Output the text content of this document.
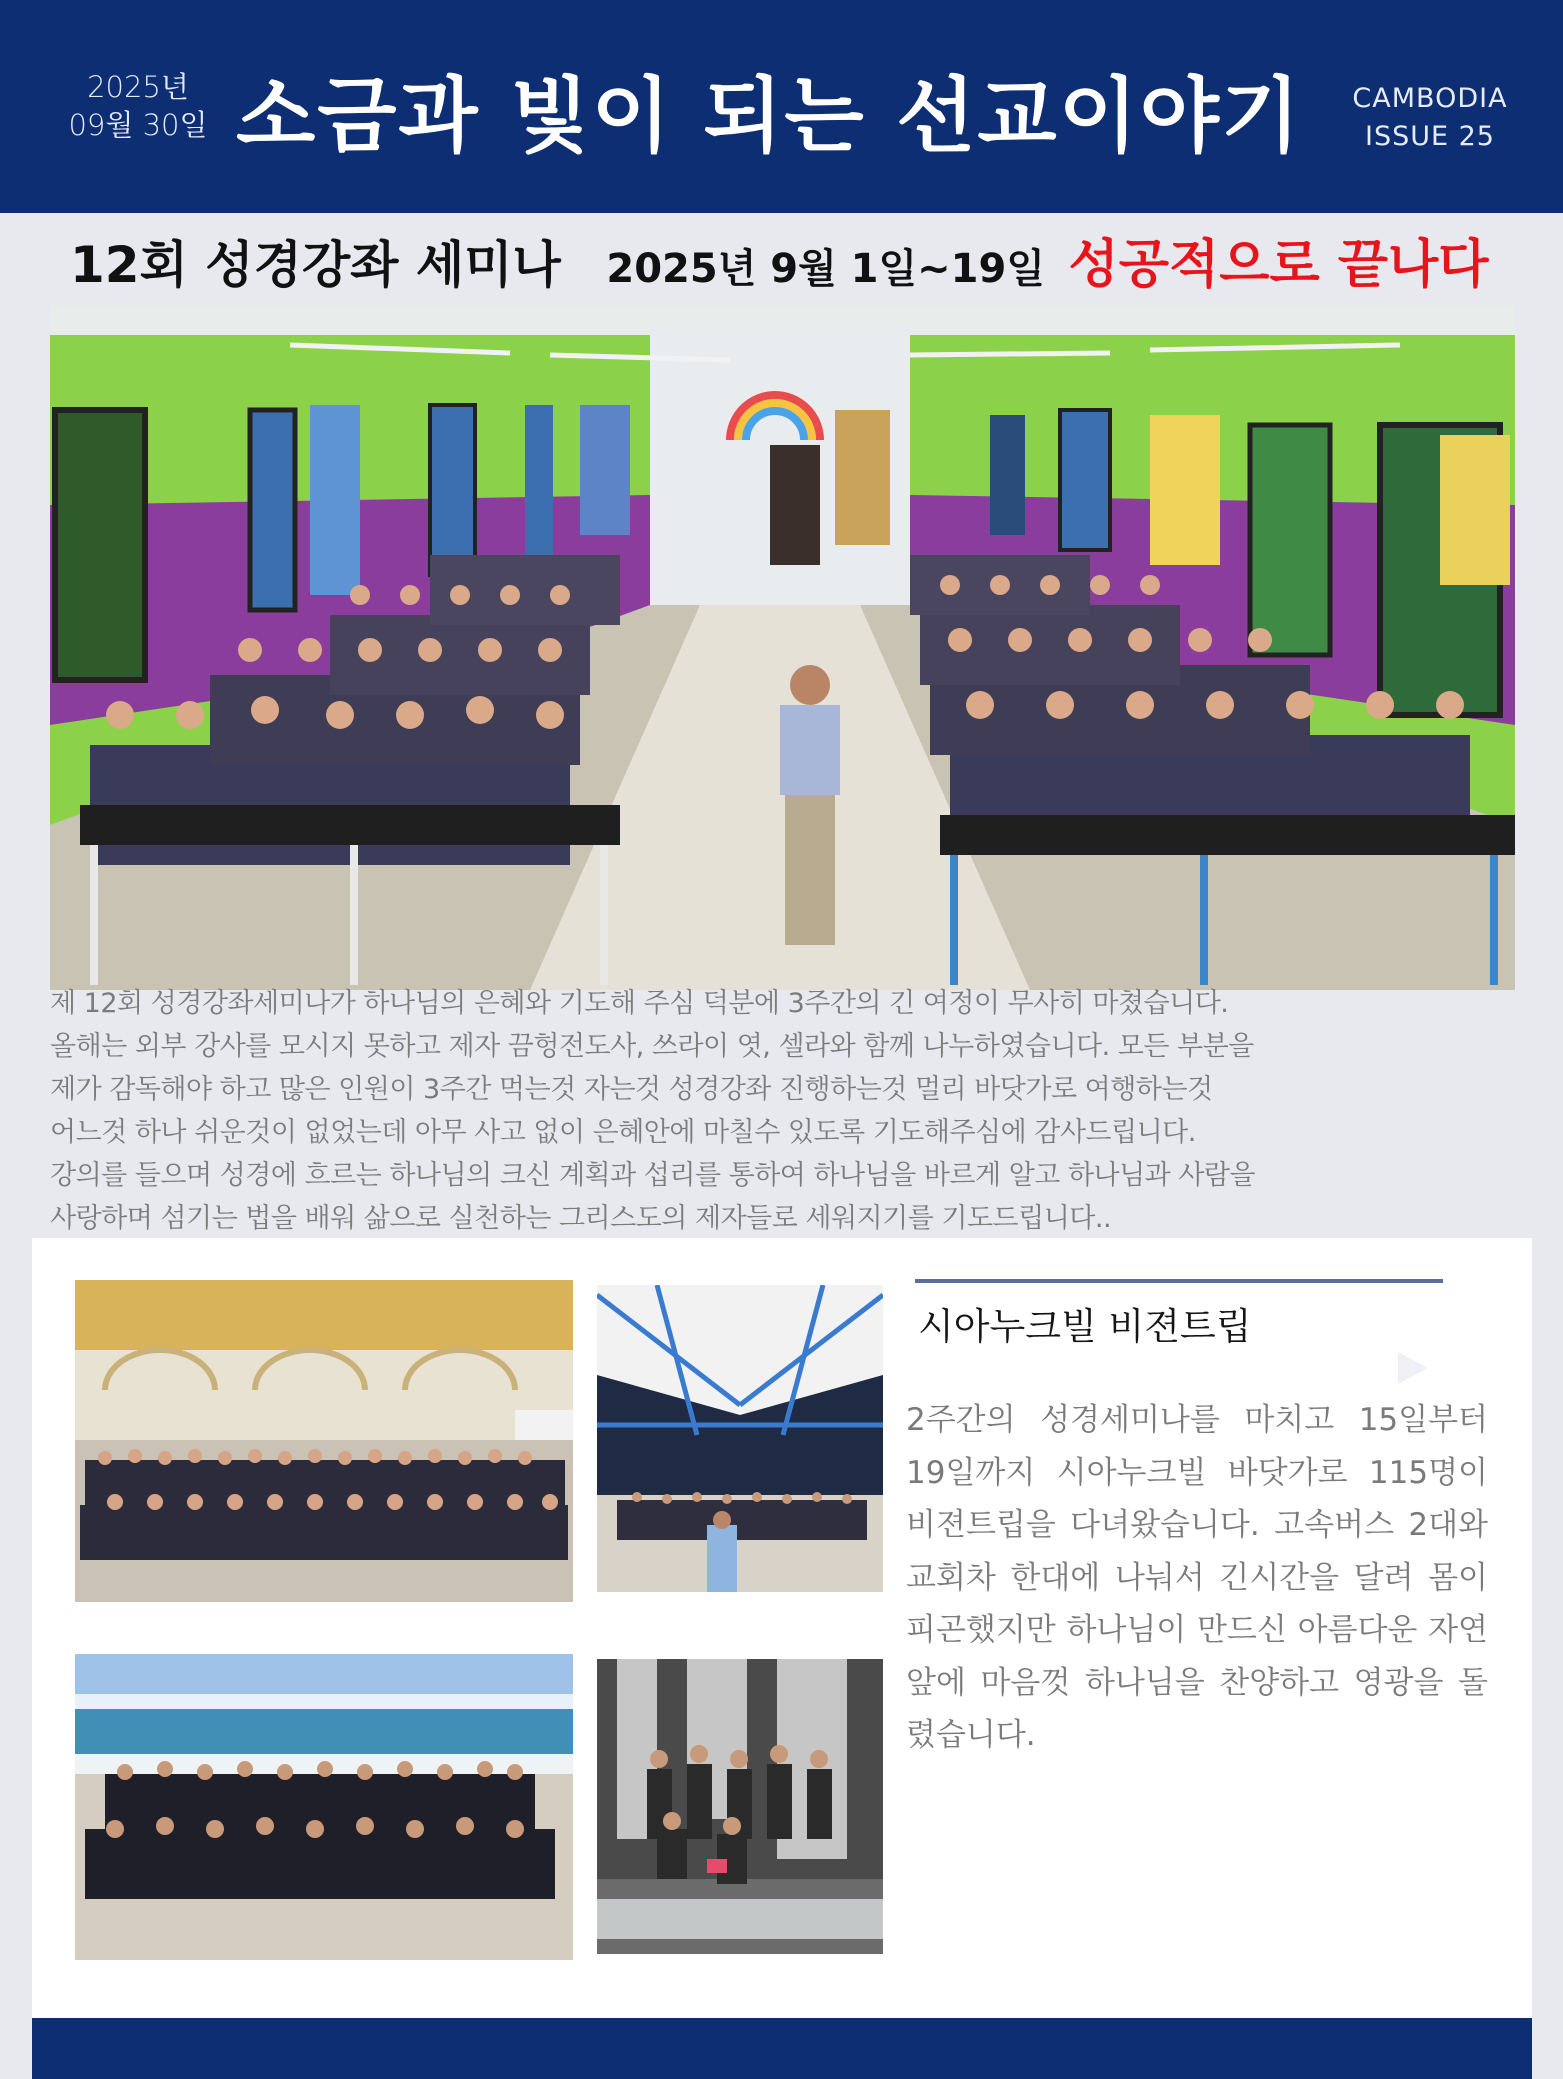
2025년
09월 30일 소금과 빛이 되는 선교이야기	CAMBODIA
ISSUE 25
12회 성경강좌 세미나 2025년 9월 1일~19일 성공적으로 끝나다
제 12회 성경강좌세미나가 하나님의 은혜와 기도해 주심 덕분에 3주간의 긴 여정이 무사히 마쳤습니다.
올해는 외부 강사를 모시지 못하고 제자 끔헝전도사, 쓰라이 엿, 셀라와 함께 나누하였습니다. 모든 부분을
제가 감독해야 하고 많은 인원이 3주간 먹는것 자는것 성경강좌 진행하는것 멀리 바닷가로 여행하는것
어느것 하나 쉬운것이 없었는데 아무 사고 없이 은혜안에 마칠수 있도록 기도해주심에 감사드립니다.
강의를 들으며 성경에 흐르는 하나님의 크신 계획과 섭리를 통하여 하나님을 바르게 알고 하나님과 사람을
사랑하며 섬기는 법을 배워 삶으로 실천하는 그리스도의 제자들로 세워지기를 기도드립니다..
시아누크빌 비젼트립
2주간의 성경세미나를 마치고 15일부터 19일까지 시아누크빌 바닷가로 115명이 비젼트립을 다녀왔습니다. 고속버스 2대와 교회차 한대에 나눠서 긴시간을 달려 몸이 피곤했지만 하나님이 만드신 아름다운 자연앞에 마음껏 하나님을 찬양하고 영광을 돌렸습니다.
